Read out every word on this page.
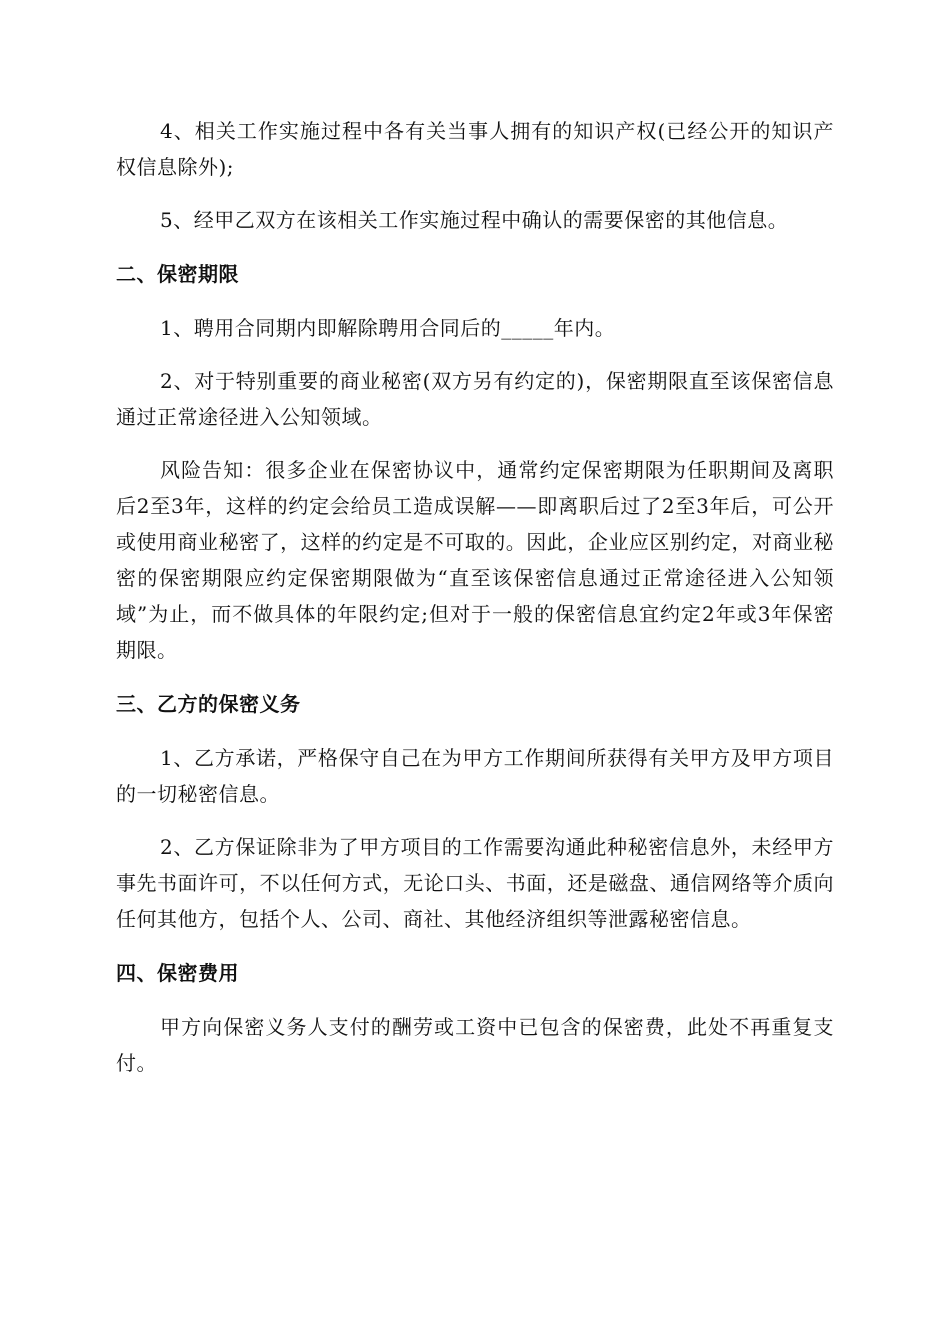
4、相关工作实施过程中各有关当事人拥有的知识产权(已经公开的知识产权信息除外);

5、经甲乙双方在该相关工作实施过程中确认的需要保密的其他信息。

二、保密期限

1、聘用合同期内即解除聘用合同后的_____年内。

2、对于特别重要的商业秘密(双方另有约定的)，保密期限直至该保密信息通过正常途径进入公知领域。

风险告知：很多企业在保密协议中，通常约定保密期限为任职期间及离职后2至3年，这样的约定会给员工造成误解——即离职后过了2至3年后，可公开或使用商业秘密了，这样的约定是不可取的。因此，企业应区别约定，对商业秘密的保密期限应约定保密期限做为“直至该保密信息通过正常途径进入公知领域”为止，而不做具体的年限约定;但对于一般的保密信息宜约定2年或3年保密期限。

三、乙方的保密义务

1、乙方承诺，严格保守自己在为甲方工作期间所获得有关甲方及甲方项目的一切秘密信息。

2、乙方保证除非为了甲方项目的工作需要沟通此种秘密信息外，未经甲方事先书面许可，不以任何方式，无论口头、书面，还是磁盘、通信网络等介质向任何其他方，包括个人、公司、商社、其他经济组织等泄露秘密信息。

四、保密费用

甲方向保密义务人支付的酬劳或工资中已包含的保密费，此处不再重复支付。
